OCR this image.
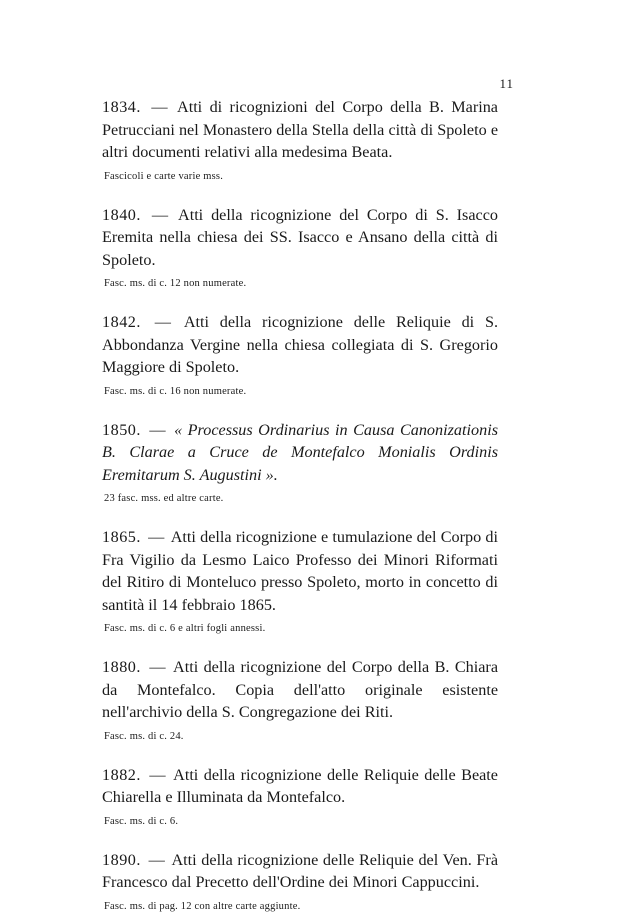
11

1834. — Atti di ricognizioni del Corpo della B. Marina Petrucciani nel Monastero della Stella della città di Spoleto e altri documenti relativi alla medesima Beata.

Fascicoli e carte varie mss.

1840. — Atti della ricognizione del Corpo di S. Isacco Eremita nella chiesa dei SS. Isacco e Ansano della città di Spoleto.

Fasc. ms. di c. 12 non numerate.

1842. — Atti della ricognizione delle Reliquie di S. Abbondanza Vergine nella chiesa collegiata di S. Gregorio Maggiore di Spoleto.

Fasc. ms. di c. 16 non numerate.

1850. — « Processus Ordinarius in Causa Canonizationis B. Clarae a Cruce de Montefalco Monialis Ordinis Eremitarum S. Augustini ».

23 fasc. mss. ed altre carte.

1865. — Atti della ricognizione e tumulazione del Corpo di Fra Vigilio da Lesmo Laico Professo dei Minori Riformati del Ritiro di Monteluco presso Spoleto, morto in concetto di santità il 14 febbraio 1865.

Fasc. ms. di c. 6 e altri fogli annessi.

1880. — Atti della ricognizione del Corpo della B. Chiara da Montefalco. Copia dell'atto originale esistente nell'archivio della S. Congregazione dei Riti.

Fasc. ms. di c. 24.

1882. — Atti della ricognizione delle Reliquie delle Beate Chiarella e Illuminata da Montefalco.

Fasc. ms. di c. 6.

1890. — Atti della ricognizione delle Reliquie del Ven. Frà Francesco dal Precetto dell'Ordine dei Minori Cappuccini.

Fasc. ms. di pag. 12 con altre carte aggiunte.
